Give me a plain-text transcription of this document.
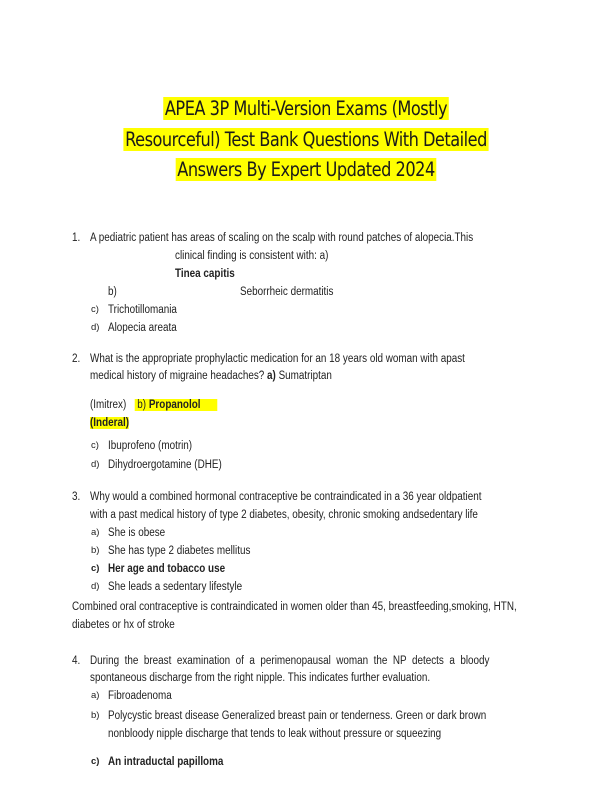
APEA 3P Multi-Version Exams (Mostly
Resourceful) Test Bank Questions With Detailed
Answers By Expert Updated 2024
1. A pediatric patient has areas of scaling on the scalp with round patches of alopecia.This
clinical finding is consistent with: a)
Tinea capitis
b)	Seborrheic dermatitis
c) Trichotillomania
d) Alopecia areata
2. What is the appropriate prophylactic medication for an 18 years old woman with apast
medical history of migraine headaches? a) Sumatriptan
(Imitrex) b) Propanolol
(Inderal)
c) Ibuprofeno (motrin)
d) Dihydroergotamine (DHE)
3. Why would a combined hormonal contraceptive be contraindicated in a 36 year oldpatient
with a past medical history of type 2 diabetes, obesity, chronic smoking andsedentary life
a) She is obese
b) She has type 2 diabetes mellitus
c) Her age and tobacco use
d) She leads a sedentary lifestyle
Combined oral contraceptive is contraindicated in women older than 45, breastfeeding,smoking, HTN,
diabetes or hx of stroke
4. During  the  breast  examination  of  a  perimenopausal  woman  the  NP  detects  a  bloody
spontaneous discharge from the right nipple. This indicates further evaluation.
a) Fibroadenoma
b) Polycystic breast disease Generalized breast pain or tenderness. Green or dark brown
nonbloody nipple discharge that tends to leak without pressure or squeezing
c) An intraductal papilloma
